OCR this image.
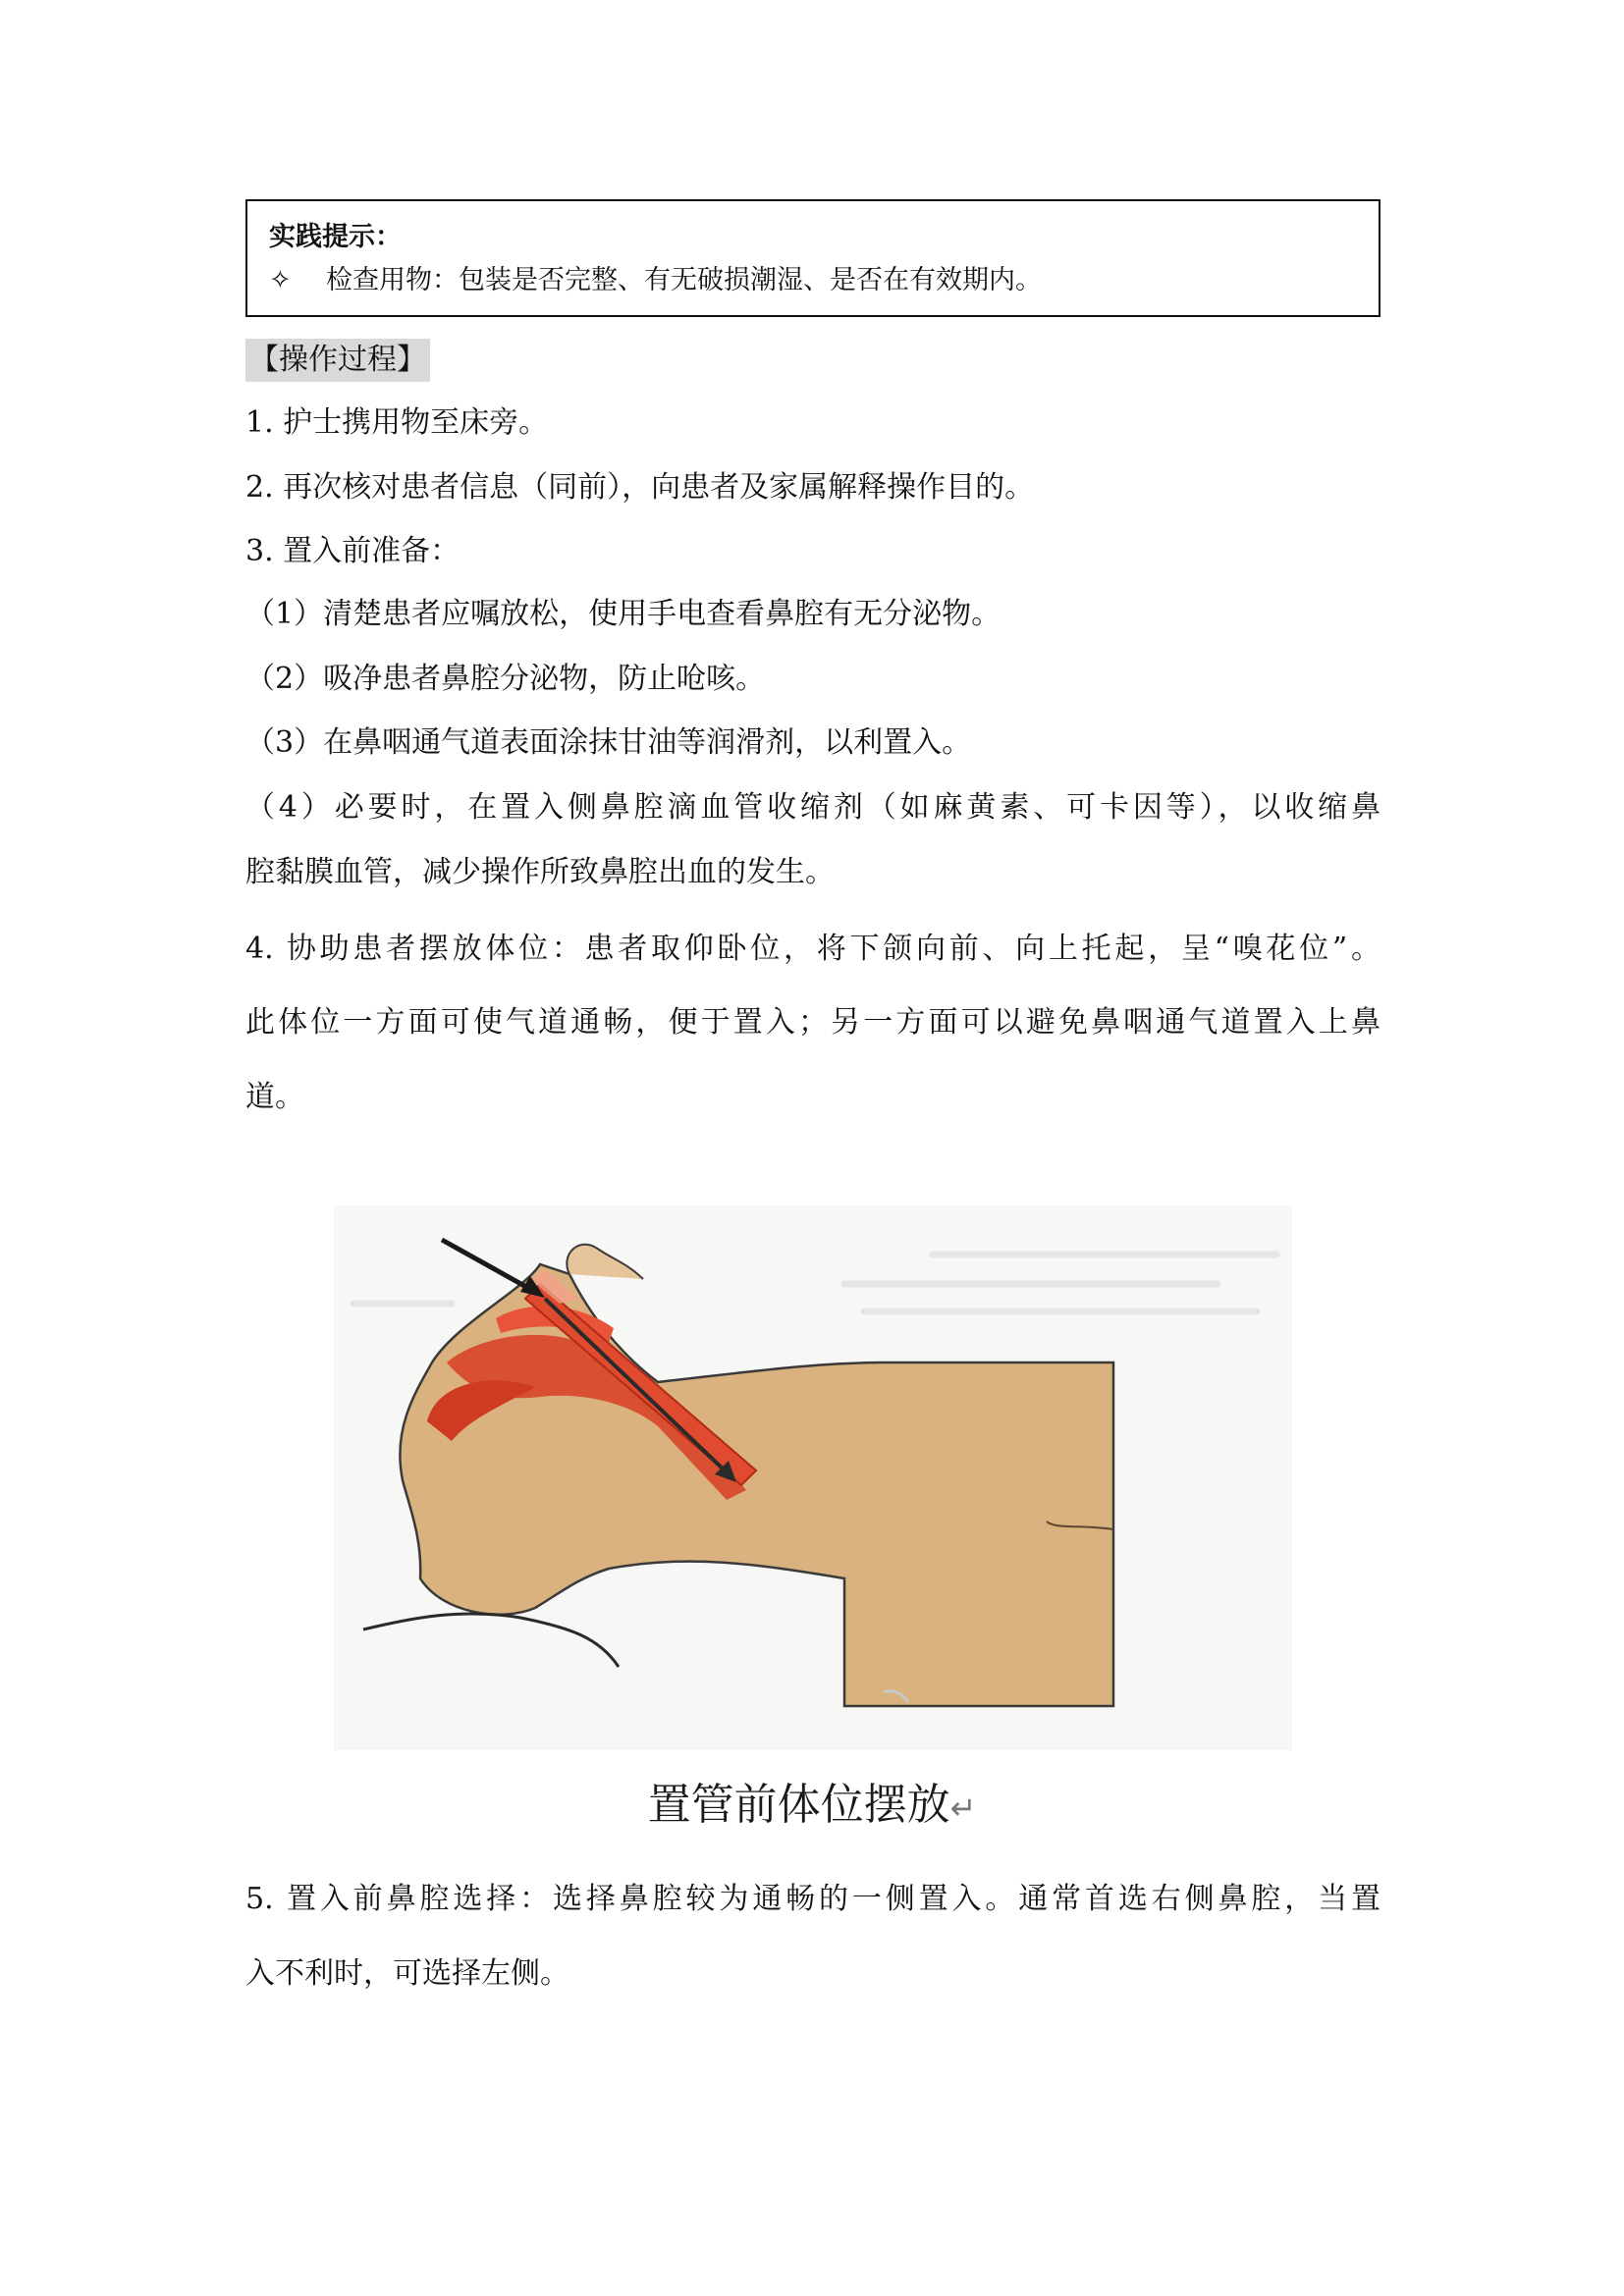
实践提示：
✧ 检查用物：包装是否完整、有无破损潮湿、是否在有效期内。
【操作过程】
1. 护士携用物至床旁。
2. 再次核对患者信息（同前），向患者及家属解释操作目的。
3. 置入前准备：
（1）清楚患者应嘱放松，使用手电查看鼻腔有无分泌物。
（2）吸净患者鼻腔分泌物，防止呛咳。
（3）在鼻咽通气道表面涂抹甘油等润滑剂，以利置入。
（4）必要时，在置入侧鼻腔滴血管收缩剂（如麻黄素、可卡因等），以收缩鼻
腔黏膜血管，减少操作所致鼻腔出血的发生。
4. 协助患者摆放体位：患者取仰卧位，将下颌向前、向上托起，呈“嗅花位”。
此体位一方面可使气道通畅，便于置入；另一方面可以避免鼻咽通气道置入上鼻
道。
置管前体位摆放↵
5. 置入前鼻腔选择：选择鼻腔较为通畅的一侧置入。通常首选右侧鼻腔，当置
入不利时，可选择左侧。
